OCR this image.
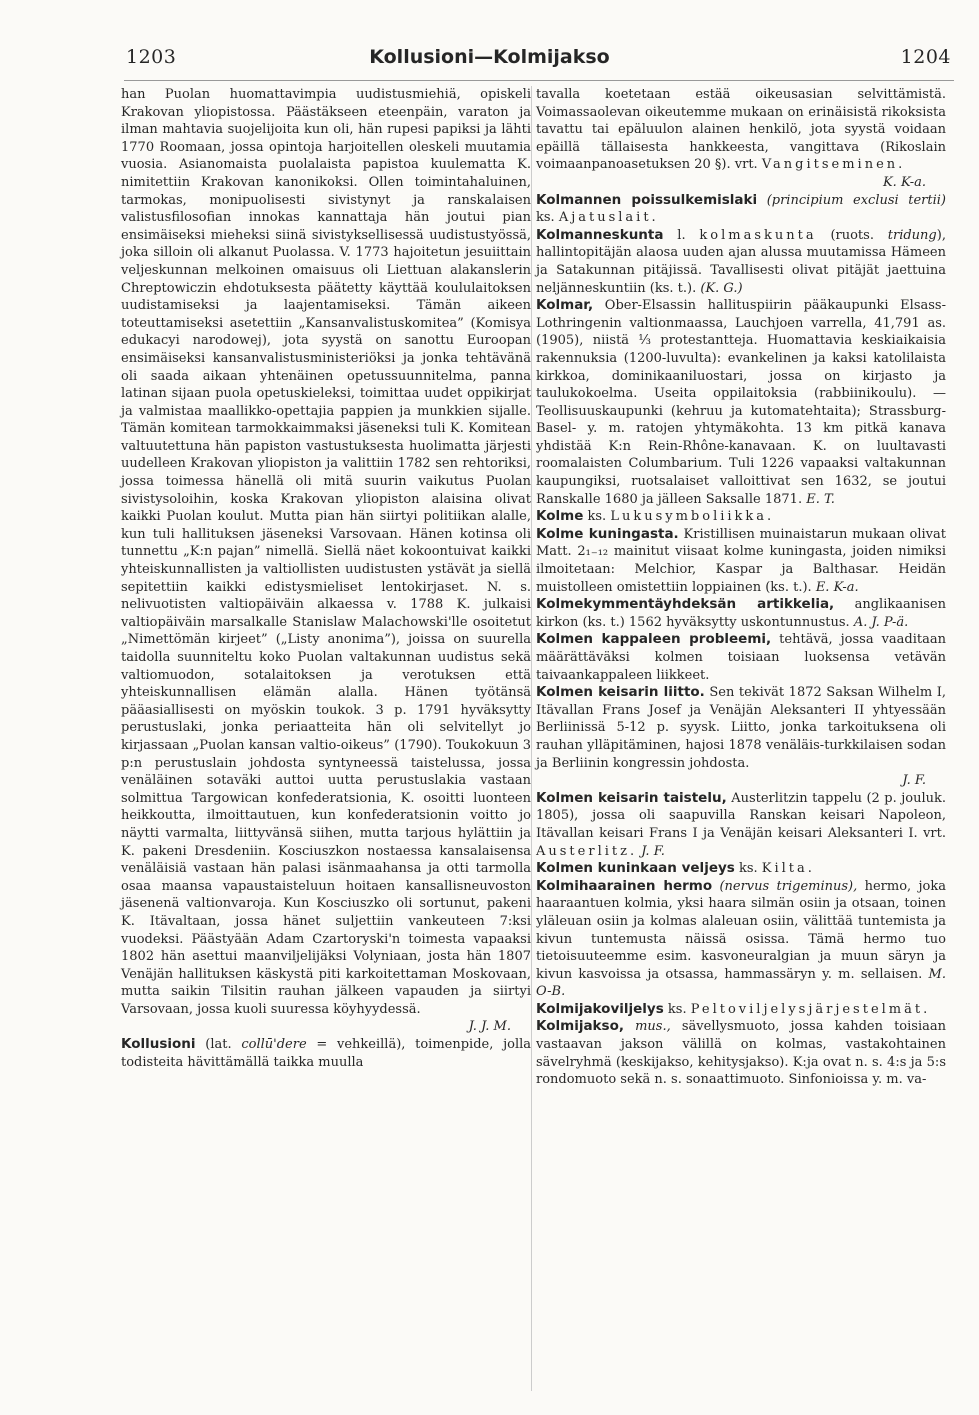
1203	Kollusioni—Kolmijakso	1204

han Puolan huomattavimpia uudistusmiehiä, opiskeli Krakovan yliopistossa. Päästäkseen eteenpäin, varaton ja ilman mahtavia suojelijoita kun oli, hän rupesi papiksi ja lähti 1770 Roomaan, jossa opintoja harjoitellen oleskeli muutamia vuosia. Asianomaista puolalaista papistoa kuulematta K. nimitettiin Krakovan kanonikoksi. Ollen toimintahaluinen, tarmokas, monipuolisesti sivistynyt ja ranskalaisen valistusfilosofian innokas kannattaja hän joutui pian ensimäiseksi mieheksi siinä sivistyksellisessä uudistustyössä, joka silloin oli alkanut Puolassa. V. 1773 hajoitetun jesuiittain veljeskunnan melkoinen omaisuus oli Liettuan alakanslerin Chreptowiczin ehdotuksesta päätetty käyttää koululaitoksen uudistamiseksi ja laajentamiseksi. Tämän aikeen toteuttamiseksi asetettiin „Kansanvalistuskomitea” (Komisya edukacyi narodowej), jota syystä on sanottu Euroopan ensimäiseksi kansanvalistusministeriöksi ja jonka tehtävänä oli saada aikaan yhtenäinen opetussuunnitelma, panna latinan sijaan puola opetuskieleksi, toimittaa uudet oppikirjat ja valmistaa maallikko-opettajia pappien ja munkkien sijalle. Tämän komitean tarmokkaimmaksi jäseneksi tuli K. Komitean valtuutettuna hän papiston vastustuksesta huolimatta järjesti uudelleen Krakovan yliopiston ja valittiin 1782 sen rehtoriksi, jossa toimessa hänellä oli mitä suurin vaikutus Puolan sivistysoloihin, koska Krakovan yliopiston alaisina olivat kaikki Puolan koulut. Mutta pian hän siirtyi politiikan alalle, kun tuli hallituksen jäseneksi Varsovaan. Hänen kotinsa oli tunnettu „K:n pajan” nimellä. Siellä näet kokoontuivat kaikki yhteiskunnallisten ja valtiollisten uudistusten ystävät ja siellä sepitettiin kaikki edistysmieliset lentokirjaset. N. s. nelivuotisten valtiopäiväin alkaessa v. 1788 K. julkaisi valtiopäiväin marsalkalle Stanislaw Malachowski'lle osoitetut „Nimettömän kirjeet” („Listy anonima”), joissa on suurella taidolla suunniteltu koko Puolan valtakunnan uudistus sekä valtiomuodon, sotalaitoksen ja verotuksen että yhteiskunnallisen elämän alalla. Hänen työtänsä pääasiallisesti on myöskin toukok. 3 p. 1791 hyväksytty perustuslaki, jonka periaatteita hän oli selvitellyt jo kirjassaan „Puolan kansan valtio-oikeus” (1790). Toukokuun 3 p:n perustuslain johdosta syntyneessä taistelussa, jossa venäläinen sotaväki auttoi uutta perustuslakia vastaan solmittua Targowican konfederatsionia, K. osoitti luonteen heikkoutta, ilmoittautuen, kun konfederatsionin voitto jo näytti varmalta, liittyvänsä siihen, mutta tarjous hylättiin ja K. pakeni Dresdeniin. Kosciuszkon nostaessa kansalaisensa venäläisiä vastaan hän palasi isänmaahansa ja otti tarmolla osaa maansa vapaustaisteluun hoitaen kansallisneuvoston jäsenenä valtionvaroja. Kun Kosciuszko oli sortunut, pakeni K. Itävaltaan, jossa hänet suljettiin vankeuteen 7:ksi vuodeksi. Päästyään Adam Czartoryski'n toimesta vapaaksi 1802 hän asettui maanviljelijäksi Volyniaan, josta hän 1807 Venäjän hallituksen käskystä piti karkoitettaman Moskovaan, mutta saikin Tilsitin rauhan jälkeen vapauden ja siirtyi Varsovaan, jossa kuoli suuressa köyhyydessä.

J. J. M.

Kollusioni (lat. collū'dere = vehkeillä), toimenpide, jolla todisteita hävittämällä taikka muulla

tavalla koetetaan estää oikeusasian selvittämistä. Voimassaolevan oikeutemme mukaan on erinäisistä rikoksista tavattu tai epäluulon alainen henkilö, jota syystä voidaan epäillä tällaisesta hankkeesta, vangittava (Rikoslain voimaanpanoasetuksen 20 §). vrt. Vangitseminen.

K. K-a.

Kolmannen poissulkemislaki (principium exclusi tertii) ks. Ajatuslait.

Kolmanneskunta l. kolmaskunta (ruots. tridung), hallintopitäjän alaosa uuden ajan alussa muutamissa Hämeen ja Satakunnan pitäjissä. Tavallisesti olivat pitäjät jaettuina neljänneskuntiin (ks. t.). (K. G.)

Kolmar, Ober-Elsassin hallituspiirin pääkaupunki Elsass-Lothringenin valtionmaassa, Lauchjoen varrella, 41,791 as. (1905), niistä ⅓ protestantteja. Huomattavia keskiaikaisia rakennuksia (1200-luvulta): evankelinen ja kaksi katolilaista kirkkoa, dominikaaniluostari, jossa on kirjasto ja taulukokoelma. Useita oppilaitoksia (rabbiinikoulu). — Teollisuuskaupunki (kehruu ja kutomatehtaita); Strassburg-Basel- y. m. ratojen yhtymäkohta. 13 km pitkä kanava yhdistää K:n Rein-Rhône-kanavaan. K. on luultavasti roomalaisten Columbarium. Tuli 1226 vapaaksi valtakunnan kaupungiksi, ruotsalaiset valloittivat sen 1632, se joutui Ranskalle 1680 ja jälleen Saksalle 1871. E. T.

Kolme ks. Lukusymboliikka.

Kolme kuningasta. Kristillisen muinaistarun mukaan olivat Matt. 2₁₋₁₂ mainitut viisaat kolme kuningasta, joiden nimiksi ilmoitetaan: Melchior, Kaspar ja Balthasar. Heidän muistolleen omistettiin loppiainen (ks. t.). E. K-a.

Kolmekymmentäyhdeksän artikkelia, anglikaanisen kirkon (ks. t.) 1562 hyväksytty uskontunnustus. A. J. P-ä.

Kolmen kappaleen probleemi, tehtävä, jossa vaaditaan määrättäväksi kolmen toisiaan luoksensa vetävän taivaankappaleen liikkeet.

Kolmen keisarin liitto. Sen tekivät 1872 Saksan Wilhelm I, Itävallan Frans Josef ja Venäjän Aleksanteri II yhtyessään Berliinissä 5-12 p. syysk. Liitto, jonka tarkoituksena oli rauhan ylläpitäminen, hajosi 1878 venäläis-turkkilaisen sodan ja Berliinin kongressin johdosta.

J. F.

Kolmen keisarin taistelu, Austerlitzin tappelu (2 p. jouluk. 1805), jossa oli saapuvilla Ranskan keisari Napoleon, Itävallan keisari Frans I ja Venäjän keisari Aleksanteri I. vrt. Austerlitz. J. F.

Kolmen kuninkaan veljeys ks. Kilta.

Kolmihaarainen hermo (nervus trigeminus), hermo, joka haaraantuen kolmia, yksi haara silmän osiin ja otsaan, toinen yläleuan osiin ja kolmas alaleuan osiin, välittää tuntemista ja kivun tuntemusta näissä osissa. Tämä hermo tuo tietoisuuteemme esim. kasvoneuralgian ja muun säryn ja kivun kasvoissa ja otsassa, hammassäryn y. m. sellaisen. M. O-B.

Kolmijakoviljelys ks. Peltoviljelysjärjestelmät.

Kolmijakso, mus., sävellysmuoto, jossa kahden toisiaan vastaavan jakson välillä on kolmas, vastakohtainen sävelryhmä (keskijakso, kehitysjakso). K:ja ovat n. s. 4:s ja 5:s rondomuoto sekä n. s. sonaattimuoto. Sinfonioissa y. m. va-
